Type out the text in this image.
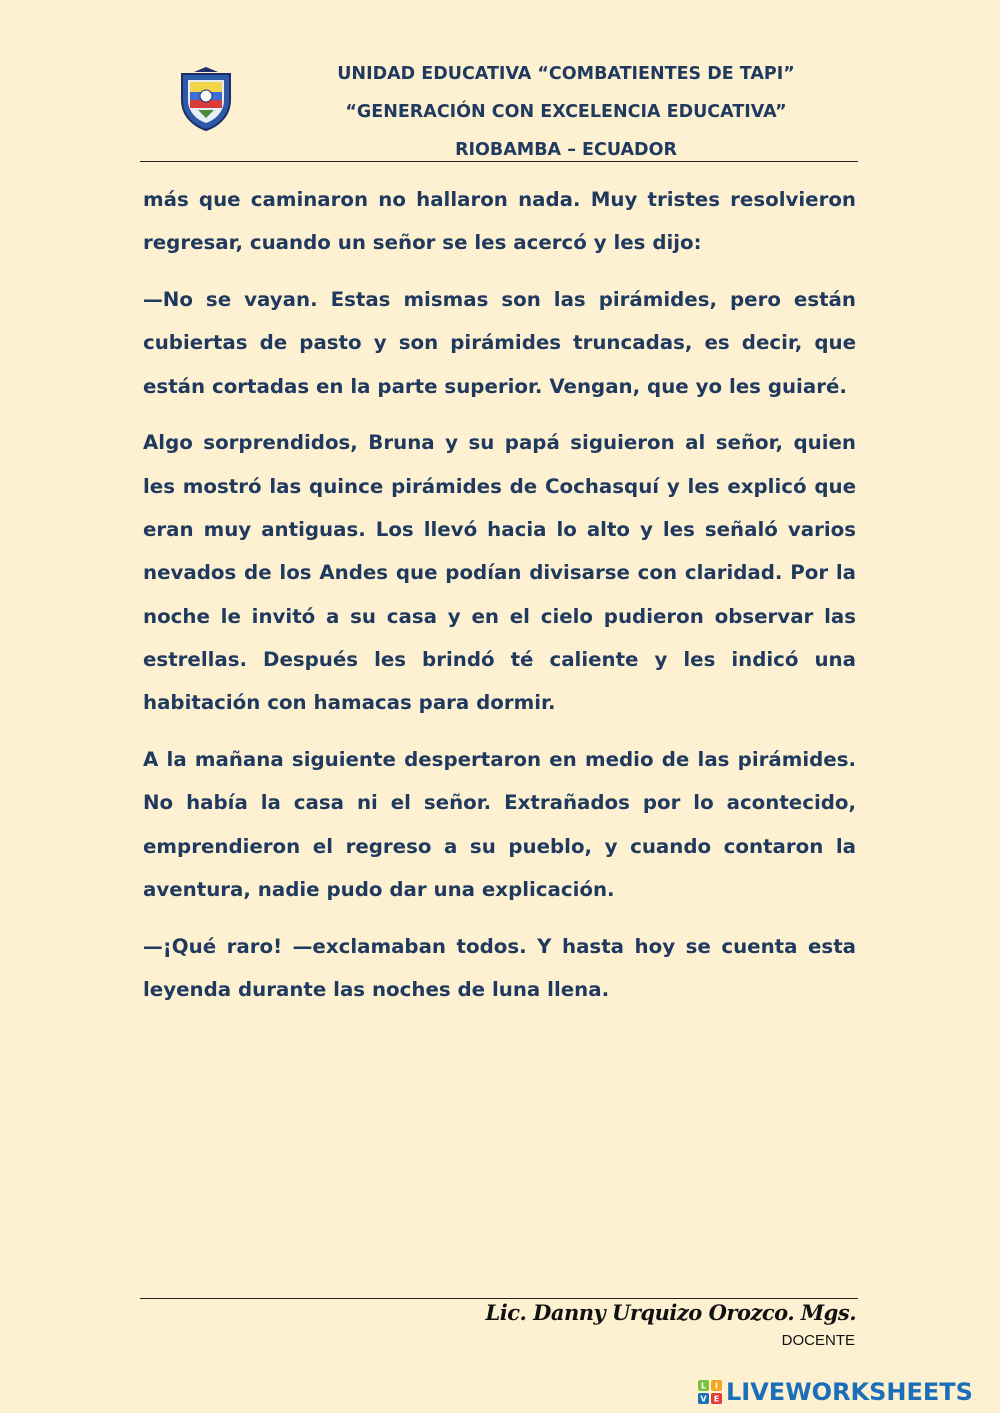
UNIDAD EDUCATIVA “COMBATIENTES DE TAPI”
“GENERACIÓN CON EXCELENCIA EDUCATIVA”
RIOBAMBA – ECUADOR

más que caminaron no hallaron nada. Muy tristes resolvieron regresar, cuando un señor se les acercó y les dijo:

—No se vayan. Estas mismas son las pirámides, pero están cubiertas de pasto y son pirámides truncadas, es decir, que están cortadas en la parte superior. Vengan, que yo les guiaré.

Algo sorprendidos, Bruna y su papá siguieron al señor, quien les mostró las quince pirámides de Cochasquí y les explicó que eran muy antiguas. Los llevó hacia lo alto y les señaló varios nevados de los Andes que podían divisarse con claridad. Por la noche le invitó a su casa y en el cielo pudieron observar las estrellas. Después les brindó té caliente y les indicó una habitación con hamacas para dormir.

A la mañana siguiente despertaron en medio de las pirámides. No había la casa ni el señor. Extrañados por lo acontecido, emprendieron el regreso a su pueblo, y cuando contaron la aventura, nadie pudo dar una explicación.

—¡Qué raro! —exclamaban todos. Y hasta hoy se cuenta esta leyenda durante las noches de luna llena.

Lic. Danny Urquizo Orozco. Mgs.
DOCENTE
L I
V E LIVEWORKSHEETS
